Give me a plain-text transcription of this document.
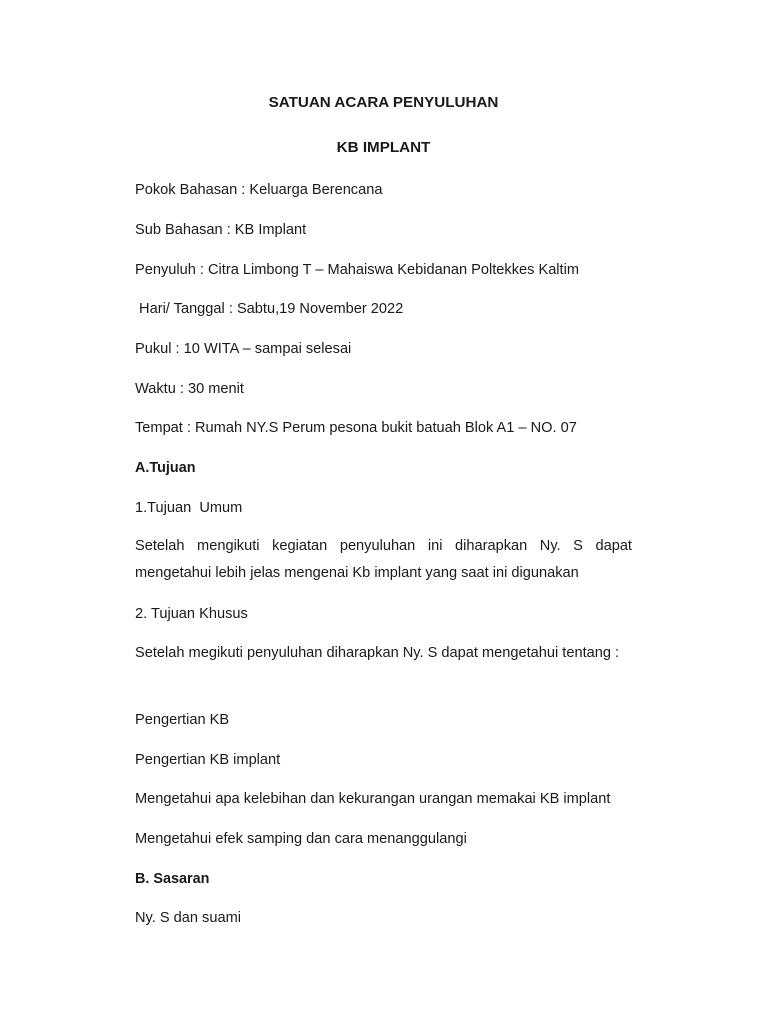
SATUAN ACARA PENYULUHAN
KB IMPLANT
Pokok Bahasan : Keluarga Berencana
Sub Bahasan : KB Implant
Penyuluh : Citra Limbong T – Mahaiswa Kebidanan Poltekkes Kaltim
Hari/ Tanggal : Sabtu,19 November 2022
Pukul : 10 WITA – sampai selesai
Waktu : 30 menit
Tempat : Rumah NY.S Perum pesona bukit batuah Blok A1 – NO. 07
A.Tujuan
1.Tujuan  Umum
Setelah mengikuti kegiatan penyuluhan ini diharapkan Ny. S dapat mengetahui lebih jelas mengenai Kb implant yang saat ini digunakan
2. Tujuan Khusus
Setelah megikuti penyuluhan diharapkan Ny. S dapat mengetahui tentang :
Pengertian KB
Pengertian KB implant
Mengetahui apa kelebihan dan kekurangan urangan memakai KB implant
Mengetahui efek samping dan cara menanggulangi
B. Sasaran
Ny. S dan suami
